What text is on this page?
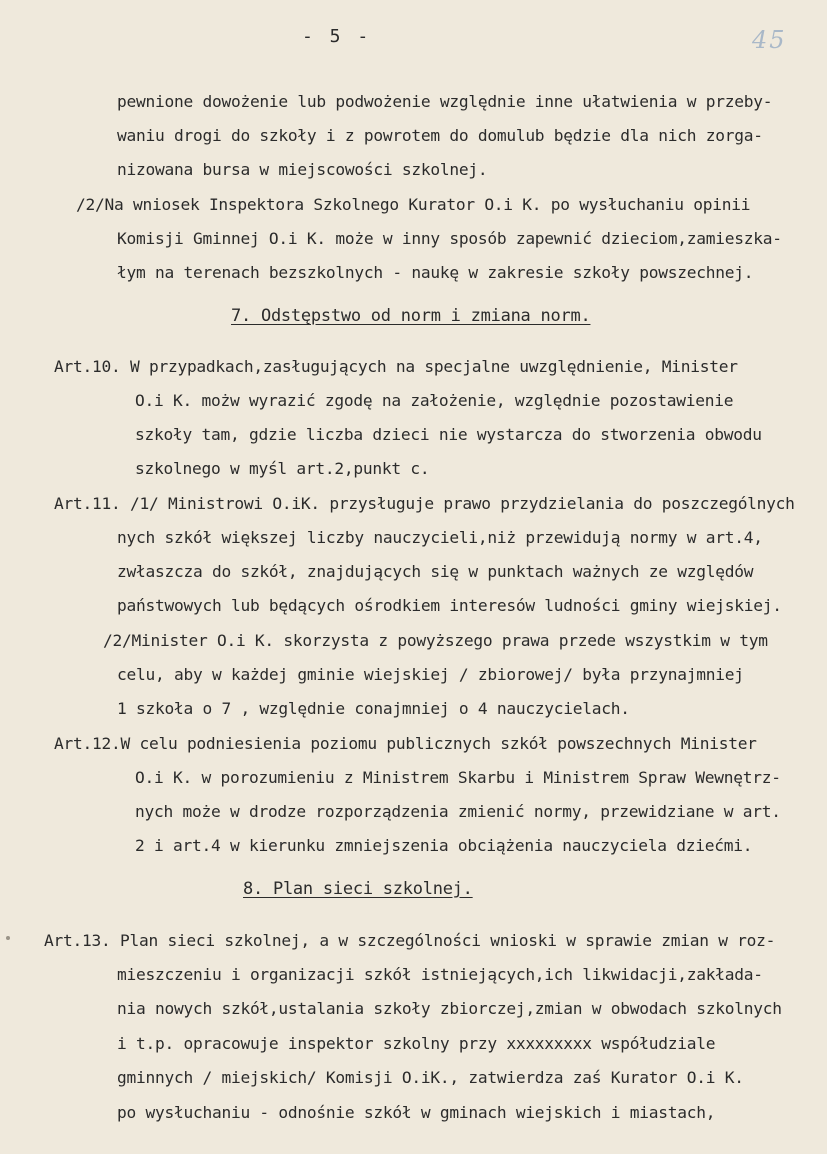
- 5 -	45
pewnione dowożenie lub podwożenie względnie inne ułatwienia w przeby-
waniu drogi do szkoły i z powrotem do domulub będzie dla nich zorga-
nizowana bursa w miejscowości szkolnej.
/2/Na wniosek Inspektora Szkolnego Kurator O.i K. po wysłuchaniu opinii
Komisji Gminnej O.i K. może w inny sposób zapewnić dzieciom,zamieszka-
łym na terenach bezszkolnych - naukę w zakresie szkoły powszechnej.
7. Odstępstwo od norm i zmiana norm.
Art.10. W przypadkach,zasługujących na specjalne uwzględnienie, Minister
O.i K. możw wyrazić zgodę na założenie, względnie pozostawienie
szkoły tam, gdzie liczba dzieci nie wystarcza do stworzenia obwodu
szkolnego w myśl art.2,punkt c.
Art.11. /1/ Ministrowi O.iK. przysługuje prawo przydzielania do poszczególnych
nych szkół większej liczby nauczycieli,niż przewidują normy w art.4,
zwłaszcza do szkół, znajdujących się w punktach ważnych ze względów
państwowych lub będących ośrodkiem interesów ludności gminy wiejskiej.
/2/Minister O.i K. skorzysta z powyższego prawa przede wszystkim w tym
celu, aby w każdej gminie wiejskiej / zbiorowej/ była przynajmniej
1 szkoła o 7 , względnie conajmniej o 4 nauczycielach.
Art.12.W celu podniesienia poziomu publicznych szkół powszechnych Minister
O.i K. w porozumieniu z Ministrem Skarbu i Ministrem Spraw Wewnętrz-
nych może w drodze rozporządzenia zmienić normy, przewidziane w art.
2 i art.4 w kierunku zmniejszenia obciążenia nauczyciela dziećmi.
8. Plan sieci szkolnej.
Art.13. Plan sieci szkolnej, a w szczególności wnioski w sprawie zmian w roz-
mieszczeniu i organizacji szkół istniejących,ich likwidacji,zakłada-
nia nowych szkół,ustalania szkoły zbiorczej,zmian w obwodach szkolnych
i t.p. opracowuje inspektor szkolny przy xxxxxxxxx współudziale
gminnych / miejskich/ Komisji O.iK., zatwierdza zaś Kurator O.i K.
po wysłuchaniu - odnośnie szkół w gminach wiejskich i miastach,
